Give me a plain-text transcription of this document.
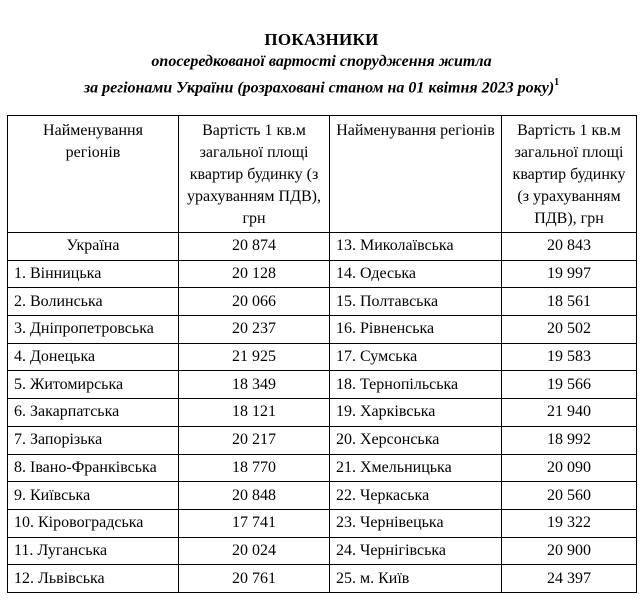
ПОКАЗНИКИ
опосередкованої вартості спорудження житла
за регіонами України (розраховані станом на 01 квітня 2023 року)$^1$
Найменування регіонів	Вартість 1 кв.м загальної площі квартир будинку (з урахуванням ПДВ), грн	Найменування регіонів	Вартість 1 кв.м загальної площі квартир будинку (з урахуванням ПДВ), грн
Україна	20 874	13. Миколаївська	20 843
1. Вінницька	20 128	14. Одеська	19 997
2. Волинська	20 066	15. Полтавська	18 561
3. Дніпропетровська	20 237	16. Рівненська	20 502
4. Донецька	21 925	17. Сумська	19 583
5. Житомирська	18 349	18. Тернопільська	19 566
6. Закарпатська	18 121	19. Харківська	21 940
7. Запорізька	20 217	20. Херсонська	18 992
8. Івано-Франківська	18 770	21. Хмельницька	20 090
9. Київська	20 848	22. Черкаська	20 560
10. Кіровоградська	17 741	23. Чернівецька	19 322
11. Луганська	20 024	24. Чернігівська	20 900
12. Львівська	20 761	25. м. Київ	24 397
